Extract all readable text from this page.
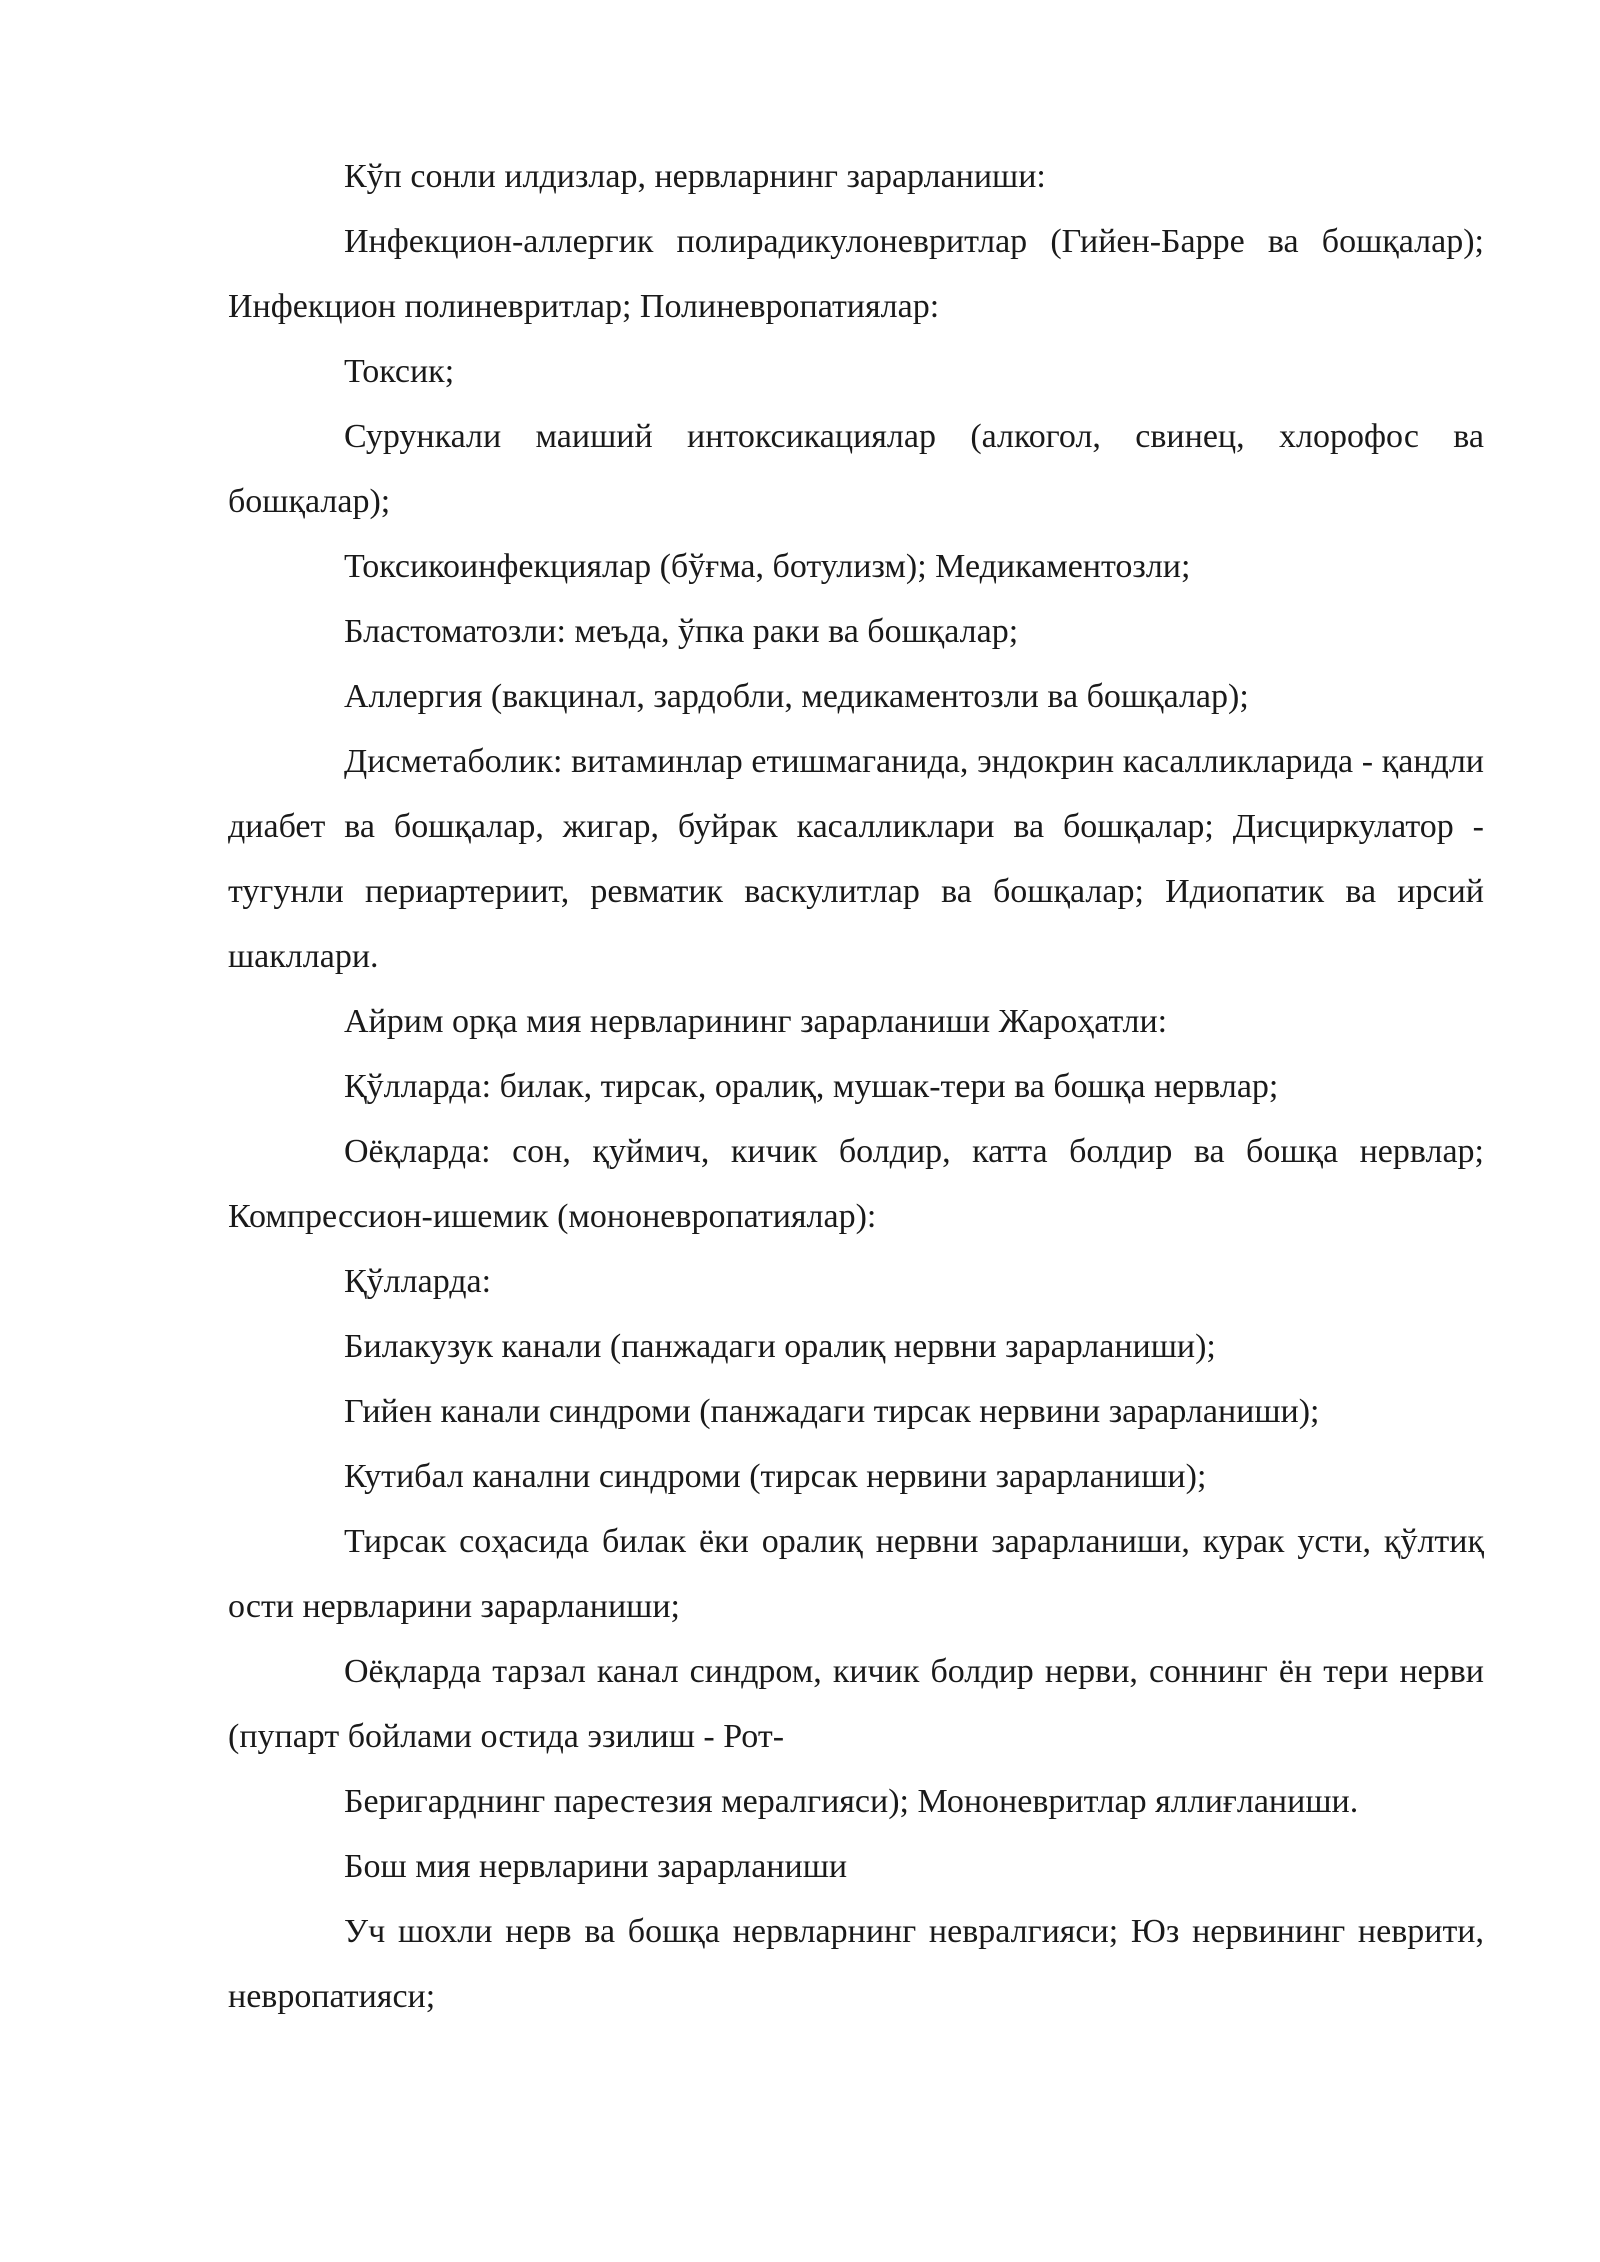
Кўп сонли илдизлар, нервларнинг зарарланиши:

Инфекцион-аллергик полирадикулоневритлар (Гийен-Барре ва бошқалар); Инфекцион полиневритлар; Полиневропатиялар:

Токсик;

Сурункали маиший интоксикациялар (алкогол, свинец, хлорофос ва бошқалар);

Токсикоинфекциялар (бўғма, ботулизм); Медикаментозли;

Бластоматозли: меъда, ўпка раки ва бошқалар;

Аллергия (вакцинал, зардобли, медикаментозли ва бошқалар);

Дисметаболик: витаминлар етишмаганида, эндокрин касалликларида - қандли диабет ва бошқалар, жигар, буйрак касалликлари ва бошқалар; Дисциркулатор - тугунли периартериит, ревматик васкулитлар ва бошқалар; Идиопатик ва ирсий шакллари.

Айрим орқа мия нервларининг зарарланиши Жароҳатли:

Қўлларда: билак, тирсак, оралиқ, мушак-тери ва бошқа нервлар;

Оёқларда: сон, қуймич, кичик болдир, катта болдир ва бошқа нервлар; Компрессион-ишемик (мононевропатиялар):

Қўлларда:

Билакузук канали (панжадаги оралиқ нервни зарарланиши);

Гийен канали синдроми (панжадаги тирсак нервини зарарланиши);

Кутибал канални синдроми (тирсак нервини зарарланиши);

Тирсак соҳасида билак ёки оралиқ нервни зарарланиши, курак усти, қўлтиқ ости нервларини зарарланиши;

Оёқларда тарзал канал синдром, кичик болдир нерви, соннинг ён тери нерви (пупарт бойлами остида эзилиш - Рот-

Беригарднинг парестезия мералгияси); Мононевритлар яллиғланиши.

Бош мия нервларини зарарланиши

Уч шохли нерв ва бошқа нервларнинг невралгияси; Юз нервининг неврити, невропатияси;
